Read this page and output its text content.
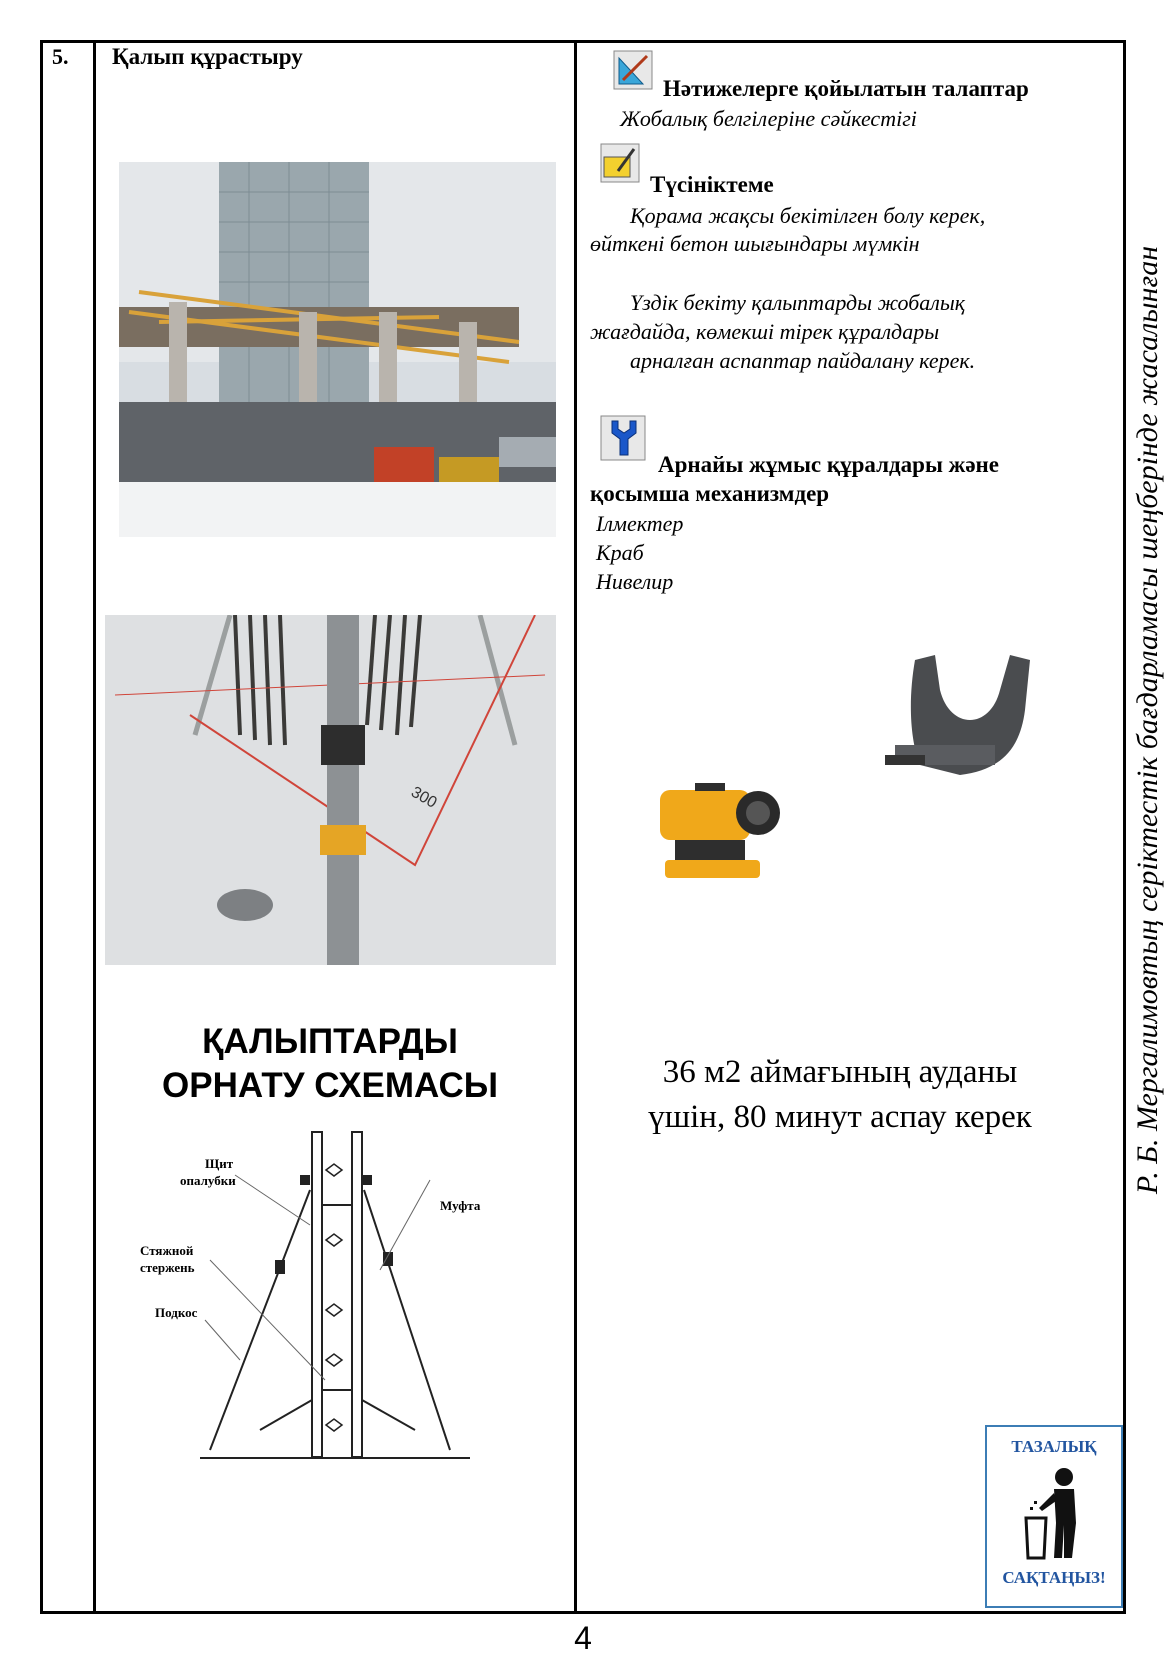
5. Қалып құрастыру
300
ҚАЛЫПТАРДЫ
ОРНАТУ СХЕМАСЫ
Щит
опалубки
Стяжной
стержень
Подкос
Муфта
Нәтижелерге қойылатын талаптар
Жобалық белгілеріне сәйкестігі
Түсініктеме
Қорама жақсы бекітілген болу керек,
өйткені бетон шығындары мүмкін
Үздік бекіту қалыптарды жобалық
жағдайда, көмекші тірек құралдары
арналған аспаптар пайдалану керек.
Арнайы жұмыс құралдары және
қосымша механизмдер
Ілмектер
Краб
Нивелир
36 м2 аймағының ауданы
үшін, 80 минут аспау керек
ТАЗАЛЫҚ
САҚТАҢЫЗ!
Р. Б. Мергалимовтың серіктестік бағдарламасы шеңберінде жасалынған
4
